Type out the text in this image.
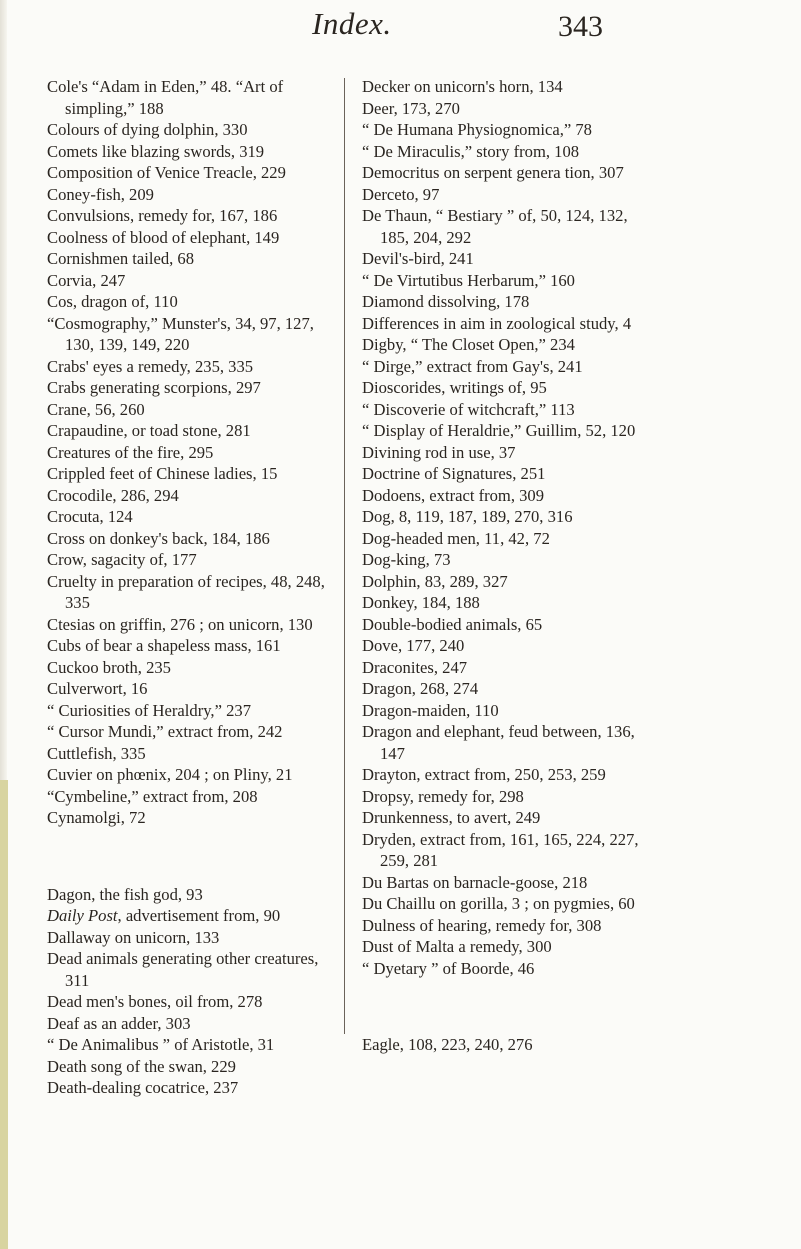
Index.	343

Cole's “Adam in Eden,” 48. “Art of simpling,” 188

Colours of dying dolphin, 330

Comets like blazing swords, 319

Composition of Venice Treacle, 229

Coney-fish, 209

Convulsions, remedy for, 167, 186

Coolness of blood of elephant, 149

Cornishmen tailed, 68

Corvia, 247

Cos, dragon of, 110

“Cosmography,” Munster's, 34, 97, 127, 130, 139, 149, 220

Crabs' eyes a remedy, 235, 335

Crabs generating scorpions, 297

Crane, 56, 260

Crapaudine, or toad stone, 281

Creatures of the fire, 295

Crippled feet of Chinese ladies, 15

Crocodile, 286, 294

Crocuta, 124

Cross on donkey's back, 184, 186

Crow, sagacity of, 177

Cruelty in preparation of recipes, 48, 248, 335

Ctesias on griffin, 276 ; on unicorn, 130

Cubs of bear a shapeless mass, 161

Cuckoo broth, 235

Culverwort, 16

“ Curiosities of Heraldry,” 237

“ Cursor Mundi,” extract from, 242

Cuttlefish, 335

Cuvier on phœnix, 204 ; on Pliny, 21

“Cymbeline,” extract from, 208

Cynamolgi, 72

Dagon, the fish god, 93

Daily Post, advertisement from, 90

Dallaway on unicorn, 133

Dead animals generating other creatures, 311

Dead men's bones, oil from, 278

Deaf as an adder, 303

“ De Animalibus ” of Aristotle, 31

Death song of the swan, 229

Death-dealing cocatrice, 237

Decker on unicorn's horn, 134

Deer, 173, 270

“ De Humana Physiognomica,” 78

“ De Miraculis,” story from, 108

Democritus on serpent genera tion, 307

Derceto, 97

De Thaun, “ Bestiary ” of, 50, 124, 132, 185, 204, 292

Devil's-bird, 241

“ De Virtutibus Herbarum,” 160

Diamond dissolving, 178

Differences in aim in zoological study, 4

Digby, “ The Closet Open,” 234

“ Dirge,” extract from Gay's, 241

Dioscorides, writings of, 95

“ Discoverie of witchcraft,” 113

“ Display of Heraldrie,” Guillim, 52, 120

Divining rod in use, 37

Doctrine of Signatures, 251

Dodoens, extract from, 309

Dog, 8, 119, 187, 189, 270, 316

Dog-headed men, 11, 42, 72

Dog-king, 73

Dolphin, 83, 289, 327

Donkey, 184, 188

Double-bodied animals, 65

Dove, 177, 240

Draconites, 247

Dragon, 268, 274

Dragon-maiden, 110

Dragon and elephant, feud between, 136, 147

Drayton, extract from, 250, 253, 259

Dropsy, remedy for, 298

Drunkenness, to avert, 249

Dryden, extract from, 161, 165, 224, 227, 259, 281

Du Bartas on barnacle-goose, 218

Du Chaillu on gorilla, 3 ; on pygmies, 60

Dulness of hearing, remedy for, 308

Dust of Malta a remedy, 300

“ Dyetary ” of Boorde, 46

Eagle, 108, 223, 240, 276
